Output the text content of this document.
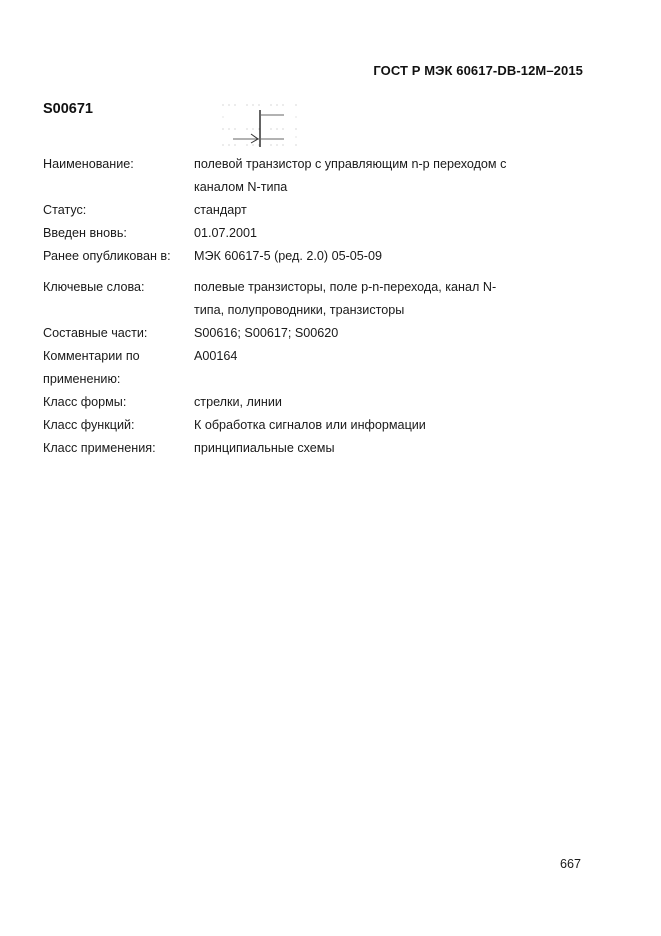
ГОСТ Р МЭК 60617-DB-12M–2015
S00671
Наименование:	полевой транзистор с управляющим n-p переходом с каналом N-типа
Статус:	стандарт
Введен вновь:	01.07.2001
Ранее опубликован в:	МЭК 60617-5 (ред. 2.0) 05-05-09
Ключевые слова:	полевые транзисторы, поле p-n-перехода, канал N-типа, полупроводники, транзисторы
Составные части:	S00616; S00617; S00620
Комментарии по применению:
A00164
Класс формы:	стрелки, линии
Класс функций:	К обработка сигналов или информации
Класс применения:	принципиальные схемы
667
